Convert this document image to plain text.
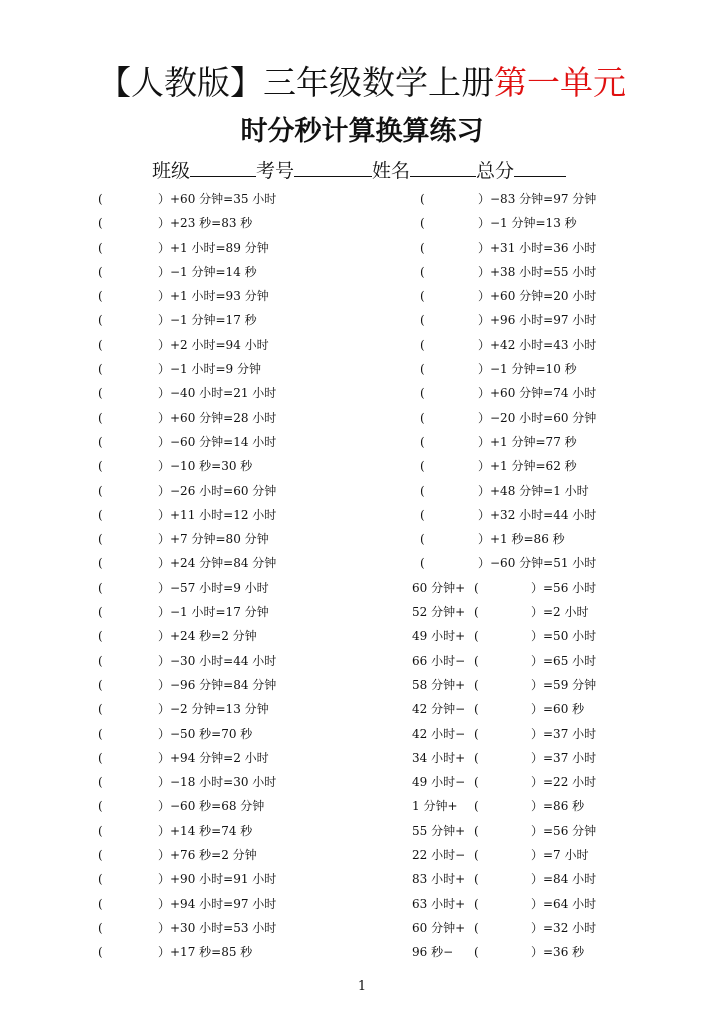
【人教版】三年级数学上册第一单元
时分秒计算换算练习
班级	考号	姓名	总分
(	）+60 分钟=35 小时	(	）−83 分钟=97 分钟
(	）+23 秒=83 秒	(	）−1 分钟=13 秒
(	）+1 小时=89 分钟	(	）+31 小时=36 小时
(	）−1 分钟=14 秒	(	）+38 小时=55 小时
(	）+1 小时=93 分钟	(	）+60 分钟=20 小时
(	）−1 分钟=17 秒	(	）+96 小时=97 小时
(	）+2 小时=94 小时	(	）+42 小时=43 小时
(	）−1 小时=9 分钟	(	）−1 分钟=10 秒
(	）−40 小时=21 小时	(	）+60 分钟=74 小时
(	）+60 分钟=28 小时	(	）−20 小时=60 分钟
(	）−60 分钟=14 小时	(	）+1 分钟=77 秒
(	）−10 秒=30 秒	(	）+1 分钟=62 秒
(	）−26 小时=60 分钟	(	）+48 分钟=1 小时
(	）+11 小时=12 小时	(	）+32 小时=44 小时
(	）+7 分钟=80 分钟	(	）+1 秒=86 秒
(	）+24 分钟=84 分钟	(	）−60 分钟=51 小时
(	）−57 小时=9 小时	60 分钟+ (	）=56 小时
(	）−1 小时=17 分钟	52 分钟+ (	）=2 小时
(	）+24 秒=2 分钟	49 小时+ (	）=50 小时
(	）−30 小时=44 小时	66 小时− (	）=65 小时
(	）−96 分钟=84 分钟	58 分钟+ (	）=59 分钟
(	）−2 分钟=13 分钟	42 分钟− (	）=60 秒
(	）−50 秒=70 秒	42 小时− (	）=37 小时
(	）+94 分钟=2 小时	34 小时+ (	）=37 小时
(	）−18 小时=30 小时	49 小时− (	）=22 小时
(	）−60 秒=68 分钟	1 分钟+ (	）=86 秒
(	）+14 秒=74 秒	55 分钟+ (	）=56 分钟
(	）+76 秒=2 分钟	22 小时− (	）=7 小时
(	）+90 小时=91 小时	83 小时+ (	）=84 小时
(	）+94 小时=97 小时	63 小时+ (	）=64 小时
(	）+30 小时=53 小时	60 分钟+ (	）=32 小时
(	）+17 秒=85 秒	96 秒− (	）=36 秒
1
